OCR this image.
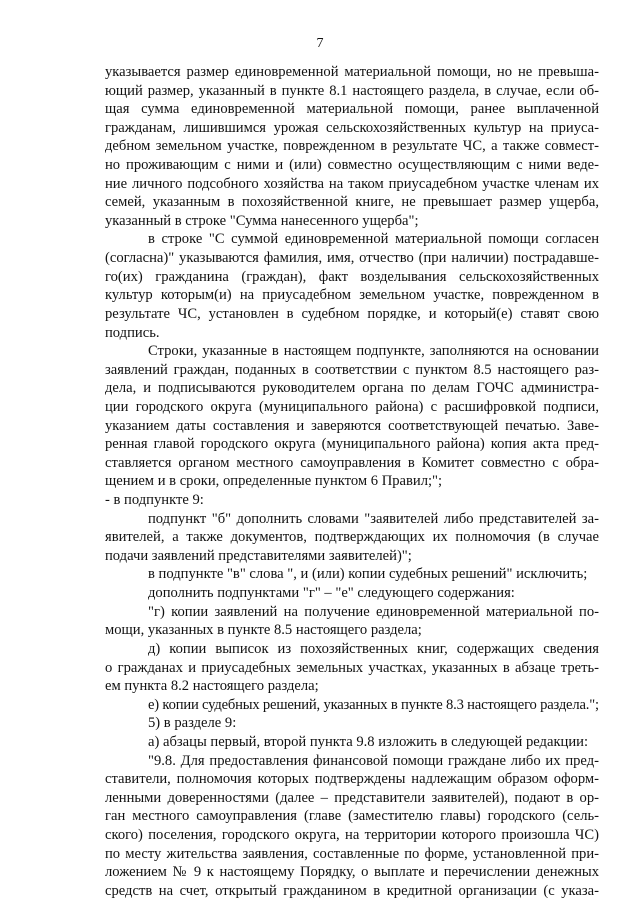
7
указывается размер единовременной материальной помощи, но не превыша-
ющий размер, указанный в пункте 8.1 настоящего раздела, в случае, если об-
щая сумма единовременной материальной помощи, ранее выплаченной
гражданам, лишившимся урожая сельскохозяйственных культур на приуса-
дебном земельном участке, поврежденном в результате ЧС, а также совмест-
но проживающим с ними и (или) совместно осуществляющим с ними веде-
ние личного подсобного хозяйства на таком приусадебном участке членам их
семей, указанным в похозяйственной книге, не превышает размер ущерба,
указанный в строке "Сумма нанесенного ущерба";
в строке "С суммой единовременной материальной помощи согласен
(согласна)" указываются фамилия, имя, отчество (при наличии) пострадавше-
го(их) гражданина (граждан), факт возделывания сельскохозяйственных
культур которым(и) на приусадебном земельном участке, поврежденном в
результате ЧС, установлен в судебном порядке, и который(е) ставят свою
подпись.
Строки, указанные в настоящем подпункте, заполняются на основании
заявлений граждан, поданных в соответствии с пунктом 8.5 настоящего раз-
дела, и подписываются руководителем органа по делам ГОЧС администра-
ции городского округа (муниципального района) с расшифровкой подписи,
указанием даты составления и заверяются соответствующей печатью. Заве-
ренная главой городского округа (муниципального района) копия акта пред-
ставляется органом местного самоуправления в Комитет совместно с обра-
щением и в сроки, определенные пунктом 6 Правил;";
- в подпункте 9:
подпункт "б" дополнить словами "заявителей либо представителей за-
явителей, а также документов, подтверждающих их полномочия (в случае
подачи заявлений представителями заявителей)";
в подпункте "в" слова ", и (или) копии судебных решений" исключить;
дополнить подпунктами "г" – "е" следующего содержания:
"г) копии заявлений на получение единовременной материальной по-
мощи, указанных в пункте 8.5 настоящего раздела;
д) копии выписок из похозяйственных книг, содержащих сведения
о гражданах и приусадебных земельных участках, указанных в абзаце треть-
ем пункта 8.2 настоящего раздела;
е) копии судебных решений, указанных в пункте 8.3 настоящего раздела.";
5) в разделе 9:
а) абзацы первый, второй пункта 9.8 изложить в следующей редакции:
"9.8. Для предоставления финансовой помощи граждане либо их пред-
ставители, полномочия которых подтверждены надлежащим образом оформ-
ленными доверенностями (далее – представители заявителей), подают в ор-
ган местного самоуправления (главе (заместителю главы) городского (сель-
ского) поселения, городского округа, на территории которого произошла ЧС)
по месту жительства заявления, составленные по форме, установленной при-
ложением № 9 к настоящему Порядку, о выплате и перечислении денежных
средств на счет, открытый гражданином в кредитной организации (с указа-
